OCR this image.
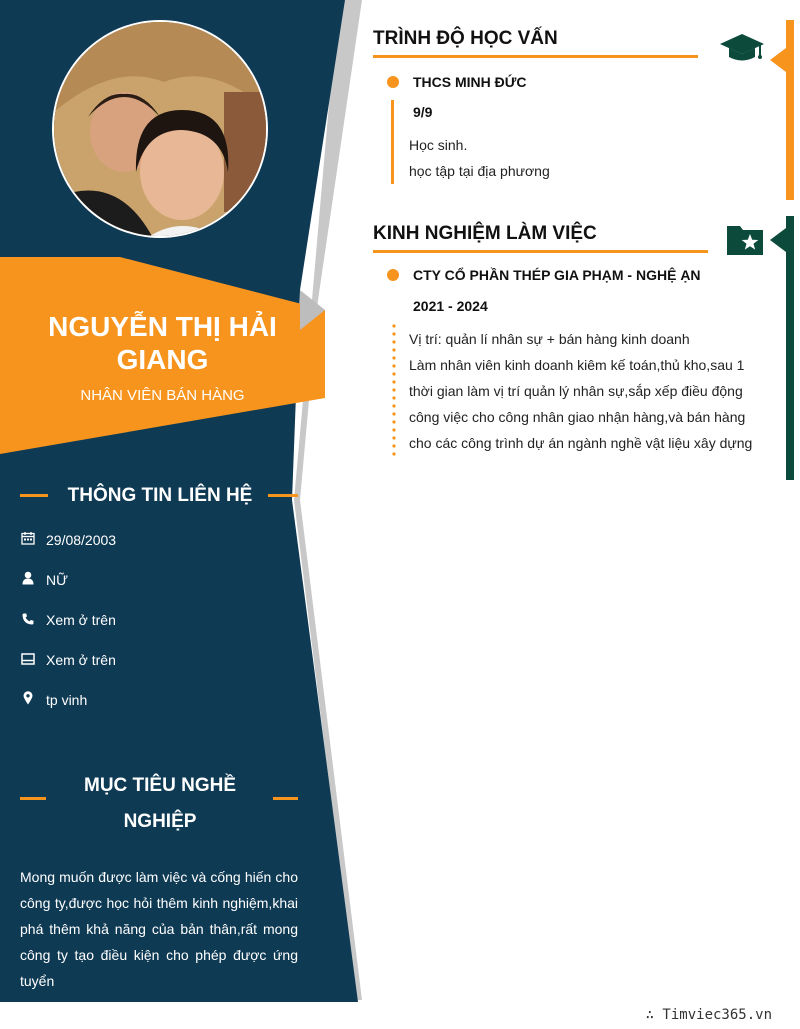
NGUYỄN THỊ HẢI
GIANG
NHÂN VIÊN BÁN HÀNG
THÔNG TIN LIÊN HỆ
29/08/2003
NỮ
Xem ở trên
Xem ở trên
tp vinh
MỤC TIÊU NGHỀ
NGHIỆP
Mong muốn được làm việc và cống hiến cho công ty,được học hỏi thêm kinh nghiệm,khai phá thêm khả năng của bản thân,rất mong công ty tạo điều kiện cho phép được ứng tuyển
TRÌNH ĐỘ HỌC VẤN
THCS MINH ĐỨC
9/9
Học sinh.
học tập tại địa phương
KINH NGHIỆM LÀM VIỆC
CTY CỔ PHẦN THÉP GIA PHẠM - NGHỆ ẠN
2021 - 2024
Vị trí: quản lí nhân sự + bán hàng kinh doanh
Làm nhân viên kinh doanh kiêm kế toán,thủ kho,sau 1
thời gian làm vị trí quản lý nhân sự,sắp xếp điều động
công việc cho công nhân giao nhận hàng,và bán hàng
cho các công trình dự án ngành nghề vật liệu xây dựng
∴ Timviec365.vn
